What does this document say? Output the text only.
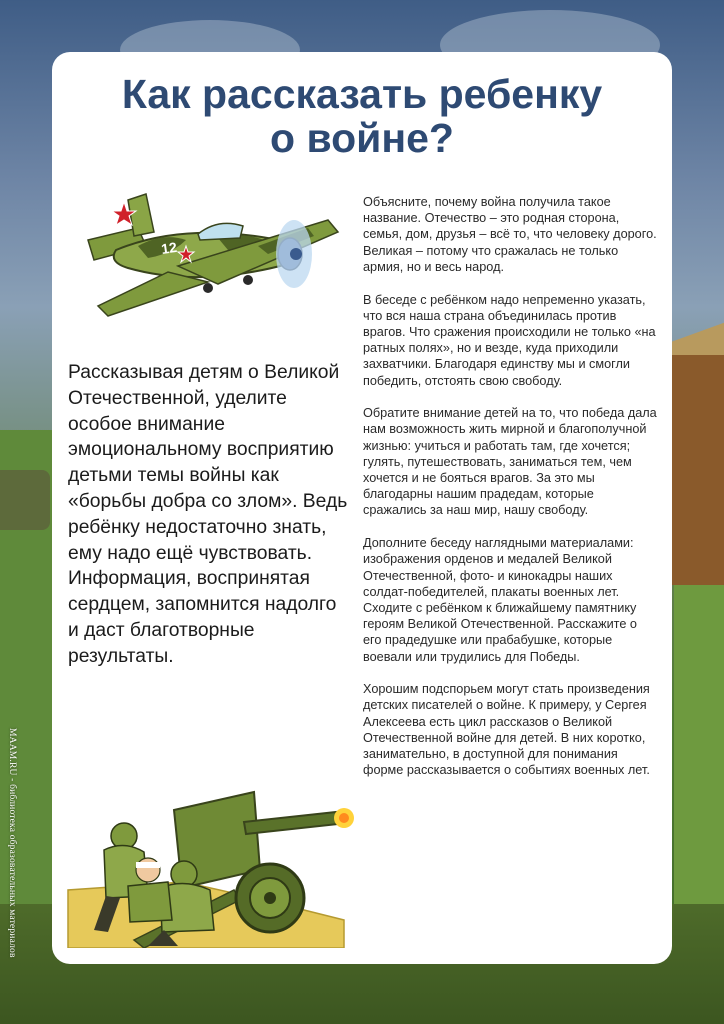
MAAM.RU - библиотека образовательных материалов
Как рассказать ребенку
о войне?
12
Рассказывая детям о Великой Отечественной, уделите особое внимание эмоциональному восприятию детьми темы войны как «борьбы добра со злом». Ведь ребёнку недостаточно знать, ему надо ещё чувствовать. Информация, воспринятая сердцем, запомнится надолго и даст благотворные результаты.

Объясните, почему война получила такое название. Отечество – это родная сторона, семья, дом, друзья – всё то, что человеку дорого. Великая – потому что сражалась не только армия, но и весь народ.

В беседе с ребёнком надо непременно указать, что вся наша страна объединилась против врагов. Что сражения происходили не только «на ратных полях», но и везде, куда приходили захватчики. Благодаря единству мы и смогли победить, отстоять свою свободу.

Обратите внимание детей на то, что победа дала нам возможность жить мирной и благополучной жизнью: учиться и работать там, где хочется; гулять, путешествовать, заниматься тем, чем хочется и не бояться врагов. За это мы благодарны нашим прадедам, которые сражались за наш мир, нашу свободу.

Дополните беседу наглядными материалами: изображения орденов и медалей Великой Отечественной, фото- и кинокадры наших солдат-победителей, плакаты военных лет. Сходите с ребёнком к ближайшему памятнику героям Великой Отечественной. Расскажите о его прадедушке или прабабушке, которые воевали или трудились для Победы.

Хорошим подспорьем могут стать произведения детских писателей о войне. К примеру, у Сергея Алексеева есть цикл рассказов о Великой Отечественной войне для детей. В них коротко, занимательно, в доступной для понимания форме рассказывается о событиях военных лет.
